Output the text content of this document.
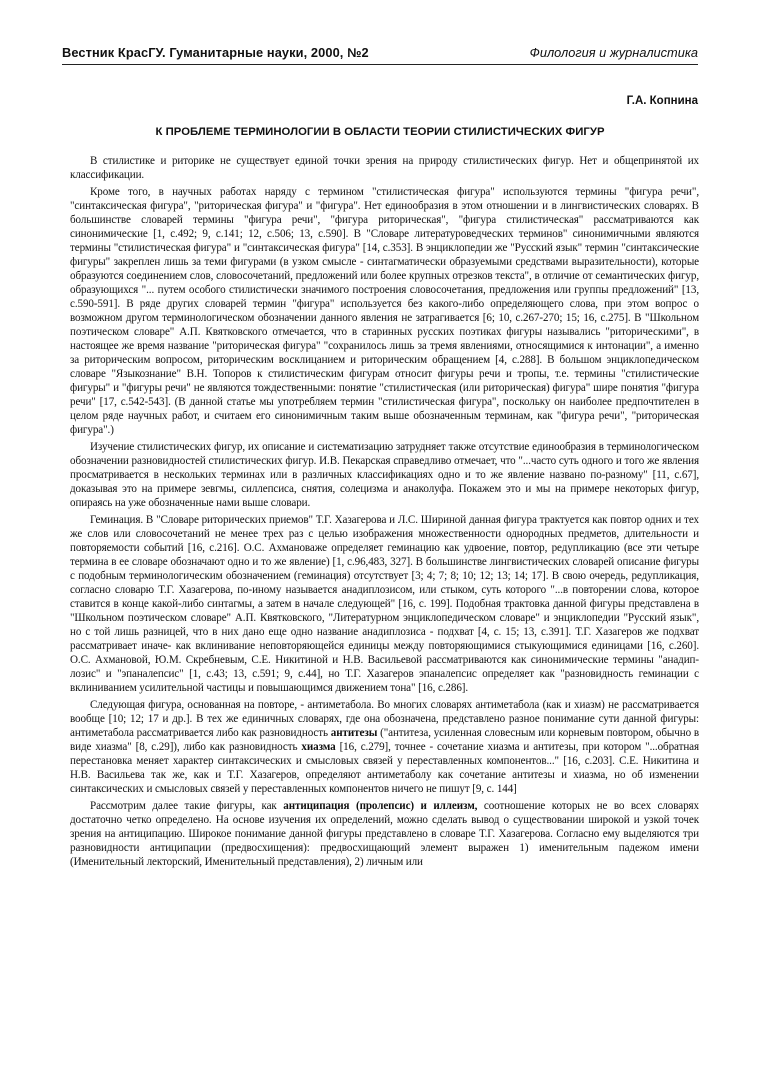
Вестник КрасГУ. Гуманитарные науки, 2000, №2	Филология и журналистика
Г.А. Копнина
К ПРОБЛЕМЕ ТЕРМИНОЛОГИИ В ОБЛАСТИ ТЕОРИИ СТИЛИСТИЧЕСКИХ ФИГУР

В стилистике и риторике не существует единой точки зрения на природу стилистических фигур. Нет и общепринятой их классификации.

Кроме того, в научных работах наряду с термином "стилистическая фигура" используются термины "фигура речи", "синтаксическая фигура", "риторическая фигура" и "фигура". Нет единообразия в этом отношении и в лингвистических словарях. В большинстве словарей термины "фигура речи", "фигура риторическая", "фигура стилистическая" рассматриваются как синонимические [1, с.492; 9, с.141; 12, с.506; 13, с.590]. В "Словаре литературоведческих терминов" синонимичными являются термины "стилистическая фигура" и "синтаксическая фигура" [14, с.353]. В энциклопедии же "Русский язык" термин "синтаксические фигуры" закреплен лишь за теми фигурами (в узком смысле - синтагматически образуемыми средствами выразительности), которые образуются соединением слов, словосочетаний, предложений или более крупных отрезков текста", в отличие от семантических фигур, образующихся "... путем особого стилистически значимого построения словосочетания, предложения или группы предложений" [13, с.590-591]. В ряде других словарей термин "фигура" используется без какого-либо определяющего слова, при этом вопрос о возможном другом терминологическом обозначении данного явления не затрагивается [6; 10, с.267-270; 15; 16, с.275]. В "Школьном поэтическом словаре" А.П. Квятковского отмечается, что в старинных русских поэтиках фигуры назывались "риторическими", в настоящее же время название "риторическая фигура" "сохранилось лишь за тремя явлениями, относящимися к интонации", а именно за риторическим вопросом, риторическим восклицанием и риторическим обращением [4, с.288]. В большом энциклопедическом словаре "Языкознание" В.Н. Топоров к стилистическим фигурам относит фигуры речи и тропы, т.е. термины "стилистические фигуры" и "фигуры речи" не являются тождественными: понятие "стилистическая (или риторическая) фигура" шире понятия "фигура речи" [17, с.542-543]. (В данной статье мы употребляем термин "стилистическая фигура", поскольку он наиболее предпочтителен в целом ряде научных работ, и считаем его синонимичным таким выше обозначенным терминам, как "фигура речи", "риторическая фигура".)

Изучение стилистических фигур, их описание и систематизацию затрудняет также отсутствие единообразия в терминологическом обозначении разновидностей стилистических фигур. И.В. Пекарская справедливо отмечает, что "...часто суть одного и того же явления просматривается в нескольких терминах или в различных классификациях одно и то же явление названо по-разному" [11, с.67], доказывая это на примере зевгмы, силлепсиса, снятия, солецизма и анаколуфа. Покажем это и мы на примере некоторых фигур, опираясь на уже обозначенные нами выше словари.

Геминация. В "Словаре риторических приемов" Т.Г. Хазагерова и Л.С. Шириной данная фигура трактуется как повтор одних и тех же слов или словосочетаний не менее трех раз с целью изображения множественности однородных предметов, длительности и повторяемости событий [16, с.216]. О.С. Ахмановаже определяет геминацию как удвоение, повтор, редупликацию (все эти четыре термина в ее словаре обозначают одно и то же явление) [1, с.96,483, 327]. В большинстве лингвистических словарей описание фигуры с подобным терминологическим обозначением (геминация) отсутствует [3; 4; 7; 8; 10; 12; 13; 14; 17]. В свою очередь, редупликация, согласно словарю Т.Г. Хазагерова, по-иному называется анадиплозисом, или стыком, суть которого "...в повторении слова, которое ставится в конце какой-либо синтагмы, а затем в начале следующей" [16, с. 199]. Подобная трактовка данной фигуры представлена в "Школьном поэтическом словаре" А.П. Квятковского, "Литературном энциклопедическом словаре" и энциклопедии "Русский язык", но с той лишь разницей, что в них дано еще одно название анадиплозиса - подхват [4, с. 15; 13, с.391]. Т.Г. Хазагеров же подхват рассматривает иначе- как вклинивание неповторяющейся единицы между повторяющимися стыкующимися единицами [16, с.260]. О.С. Ахмановой, Ю.М. Скребневым, С.Е. Никитиной и Н.В. Васильевой рассматриваются как синонимические термины "анадип-лозис" и "эпаналепсис" [1, с.43; 13, с.591; 9, с.44], но Т.Г. Хазагеров эпаналепсис определяет как "разновидность геминации с вклиниванием усилительной частицы и повышающимся движением тона" [16, с.286].

Следующая фигура, основанная на повторе, - антиметабола. Во многих словарях антиметабола (как и хиазм) не рассматривается вообще [10; 12; 17 и др.]. В тех же единичных словарях, где она обозначена, представлено разное понимание сути данной фигуры: антиметабола рассматривается либо как разновидность антитезы ("антитеза, усиленная словесным или корневым повтором, обычно в виде хиазма" [8, с.29]), либо как разновидность хиазма [16, с.279], точнее - сочетание хиазма и антитезы, при котором "...обратная перестановка меняет характер синтаксических и смысловых связей у переставленных компонентов..." [16, с.203]. С.Е. Никитина и Н.В. Васильева так же, как и Т.Г. Хазагеров, определяют антиметаболу как сочетание антитезы и хиазма, но об изменении синтаксических и смысловых связей у переставленных компонентов ничего не пишут [9, с. 144]

Рассмотрим далее такие фигуры, как антиципация (пролепсис) и иллеизм, соотношение которых не во всех словарях достаточно четко определено. На основе изучения их определений, можно сделать вывод о существовании широкой и узкой точек зрения на антиципацию. Широкое понимание данной фигуры представлено в словаре Т.Г. Хазагерова. Согласно ему выделяются три разновидности антиципации (предвосхищения): предвосхищающий элемент выражен 1) именительным падежом имени (Именительный лекторский, Именительный представления), 2) личным или
